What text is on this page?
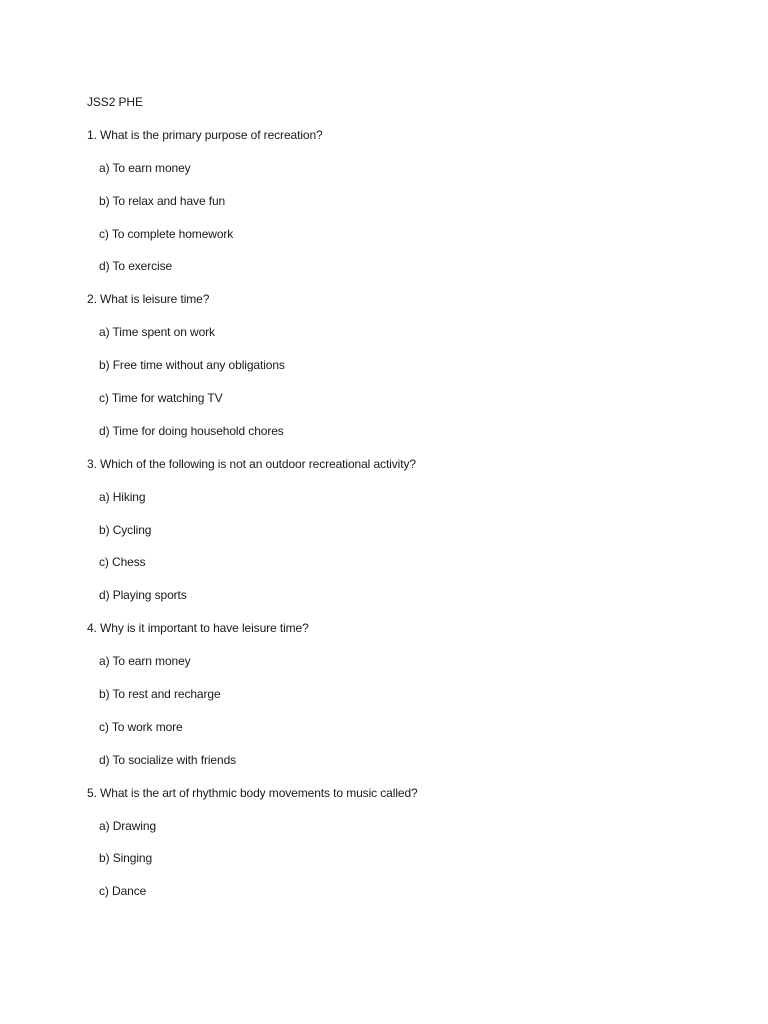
JSS2 PHE
1. What is the primary purpose of recreation?
a) To earn money
b) To relax and have fun
c) To complete homework
d) To exercise
2. What is leisure time?
a) Time spent on work
b) Free time without any obligations
c) Time for watching TV
d) Time for doing household chores
3. Which of the following is not an outdoor recreational activity?
a) Hiking
b) Cycling
c) Chess
d) Playing sports
4. Why is it important to have leisure time?
a) To earn money
b) To rest and recharge
c) To work more
d) To socialize with friends
5. What is the art of rhythmic body movements to music called?
a) Drawing
b) Singing
c) Dance
